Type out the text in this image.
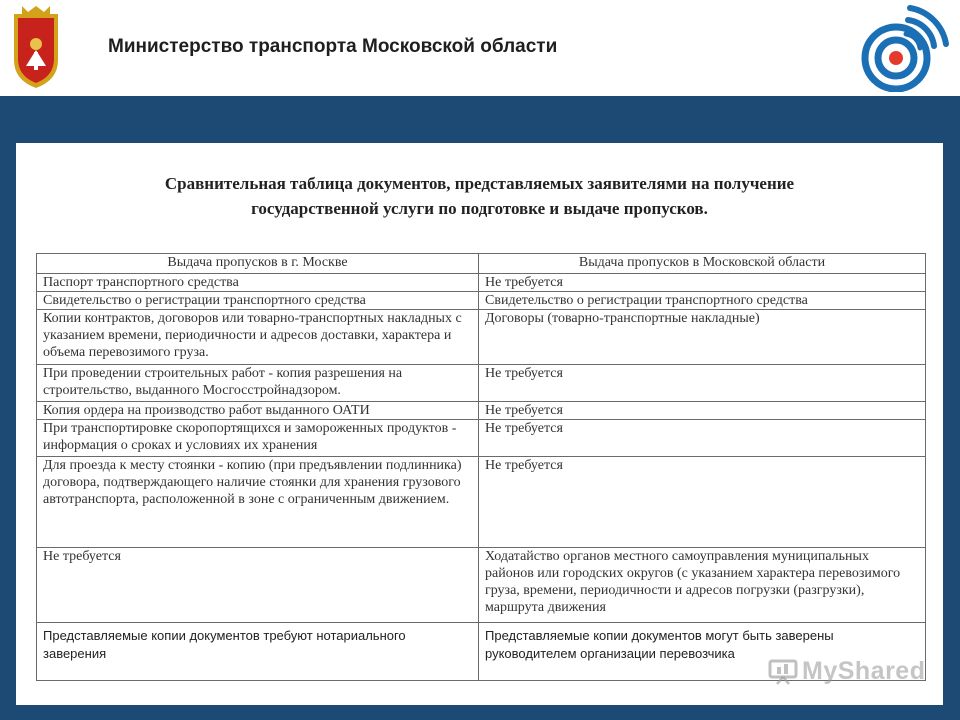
Министерство транспорта Московской области
Сравнительная таблица документов, представляемых заявителями на получение
государственной услуги по подготовке и выдаче пропусков.
Выдача пропусков в г. Москве	Выдача пропусков в Московской области
Паспорт транспортного средства	Не требуется
Свидетельство о регистрации транспортного средства	Свидетельство о регистрации транспортного средства
Копии контрактов, договоров или товарно-транспортных накладных с указанием времени, периодичности и адресов доставки, характера и объема перевозимого груза.	Договоры (товарно-транспортные накладные)
При проведении строительных работ - копия разрешения на строительство, выданного Мосгосстройнадзором.	Не требуется
Копия ордера на производство работ выданного ОАТИ	Не требуется
При транспортировке скоропортящихся и замороженных продуктов - информация о сроках и условиях их хранения	Не требуется
Для проезда к месту стоянки - копию (при предъявлении подлинника) договора, подтверждающего наличие стоянки для хранения грузового автотранспорта, расположенной в зоне с ограниченным движением.	Не требуется
Не требуется	Ходатайство органов местного самоуправления муниципальных районов или городских округов (с указанием характера перевозимого груза, времени, периодичности и адресов погрузки (разгрузки), маршрута движения
Представляемые копии документов требуют нотариального заверения	Представляемые копии документов могут быть заверены руководителем организации перевозчика
MyShared
